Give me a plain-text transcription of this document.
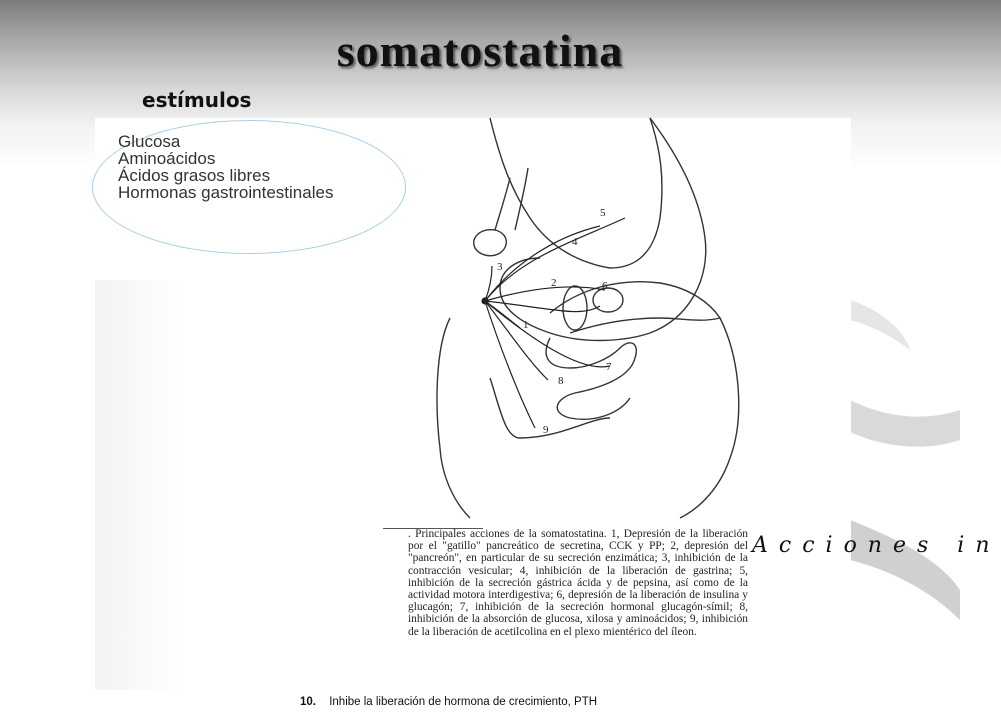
somatostatina
estímulos
Glucosa
Aminoácidos
Ácidos grasos libres
Hormonas gastrointestinales
1
2
3
4
5
6
7
8
9
. Principales acciones de la somatostatina. 1, Depresión de la liberación por el "gatillo" pancreático de secretina, CCK y PP; 2, depresión del "pancreón", en particular de su secreción enzimática; 3, inhibición de la contracción vesicular; 4, inhibición de la liberación de gastrina; 5, inhibición de la secreción gástrica ácida y de pepsina, así como de la actividad motora interdigestiva; 6, depresión de la liberación de insulina y glucagón; 7, inhibición de la secreción hormonal glucagón-símil; 8, inhibición de la absorción de glucosa, xilosa y aminoácidos; 9, inhibición de la liberación de acetilcolina en el plexo mientérico del íleon.
10. Inhibe la liberación de hormona de crecimiento, PTH
Acciones in
